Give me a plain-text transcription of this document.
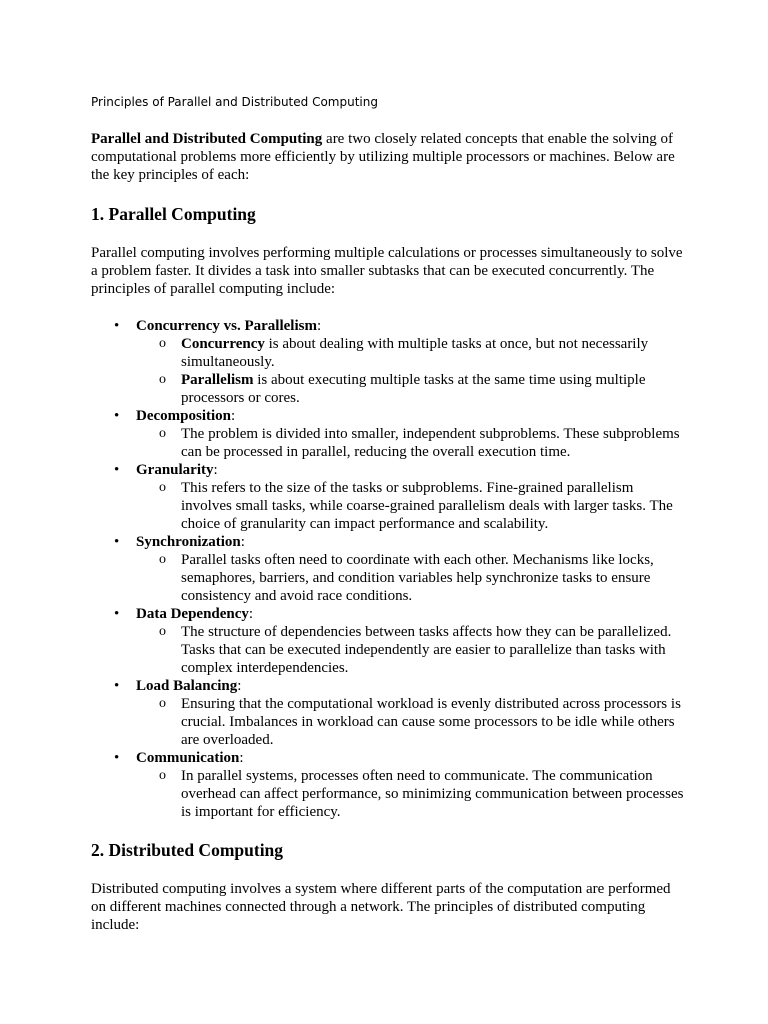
Principles of Parallel and Distributed Computing

Parallel and Distributed Computing are two closely related concepts that enable the solving of computational problems more efficiently by utilizing multiple processors or machines. Below are the key principles of each:

1. Parallel Computing

Parallel computing involves performing multiple calculations or processes simultaneously to solve a problem faster. It divides a task into smaller subtasks that can be executed concurrently. The principles of parallel computing include:

• Concurrency vs. Parallelism:
o Concurrency is about dealing with multiple tasks at once, but not necessarily simultaneously.
o Parallelism is about executing multiple tasks at the same time using multiple processors or cores.
• Decomposition:
o The problem is divided into smaller, independent subproblems. These subproblems can be processed in parallel, reducing the overall execution time.
• Granularity:
o This refers to the size of the tasks or subproblems. Fine-grained parallelism involves small tasks, while coarse-grained parallelism deals with larger tasks. The choice of granularity can impact performance and scalability.
• Synchronization:
o Parallel tasks often need to coordinate with each other. Mechanisms like locks, semaphores, barriers, and condition variables help synchronize tasks to ensure consistency and avoid race conditions.
• Data Dependency:
o The structure of dependencies between tasks affects how they can be parallelized. Tasks that can be executed independently are easier to parallelize than tasks with complex interdependencies.
• Load Balancing:
o Ensuring that the computational workload is evenly distributed across processors is crucial. Imbalances in workload can cause some processors to be idle while others are overloaded.
• Communication:
o In parallel systems, processes often need to communicate. The communication overhead can affect performance, so minimizing communication between processes is important for efficiency.
2. Distributed Computing

Distributed computing involves a system where different parts of the computation are performed on different machines connected through a network. The principles of distributed computing include:
